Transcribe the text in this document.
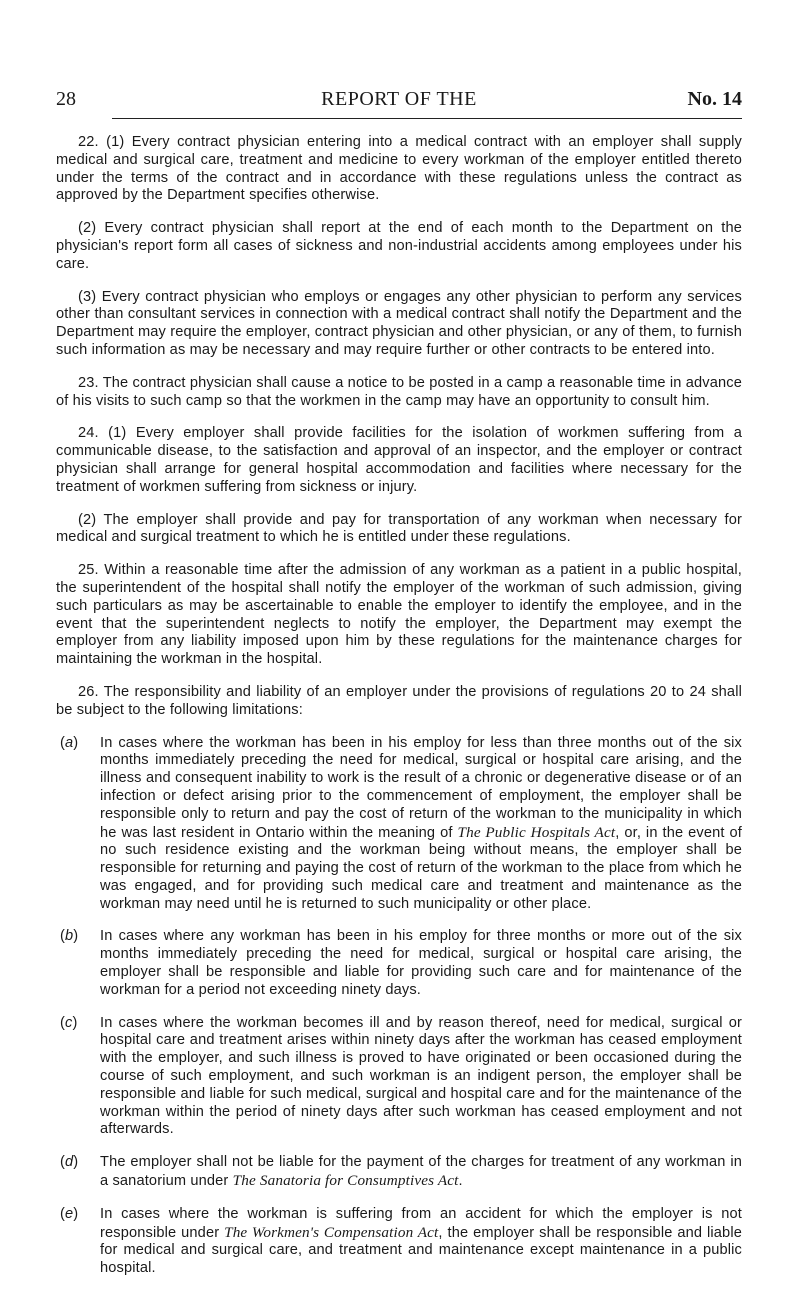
28	REPORT OF THE	No. 14

22. (1) Every contract physician entering into a medical contract with an employer shall supply medical and surgical care, treatment and medicine to every workman of the employer entitled thereto under the terms of the contract and in accordance with these regulations unless the contract as approved by the Department specifies otherwise.

(2) Every contract physician shall report at the end of each month to the Department on the physician's report form all cases of sickness and non-industrial accidents among employees under his care.

(3) Every contract physician who employs or engages any other physician to perform any services other than consultant services in connection with a medical contract shall notify the Department and the Department may require the employer, contract physician and other physician, or any of them, to furnish such information as may be necessary and may require further or other contracts to be entered into.

23. The contract physician shall cause a notice to be posted in a camp a reasonable time in advance of his visits to such camp so that the workmen in the camp may have an opportunity to consult him.

24. (1) Every employer shall provide facilities for the isolation of workmen suffering from a communicable disease, to the satisfaction and approval of an inspector, and the employer or contract physician shall arrange for general hospital accommodation and facilities where necessary for the treatment of workmen suffering from sickness or injury.

(2) The employer shall provide and pay for transportation of any workman when necessary for medical and surgical treatment to which he is entitled under these regulations.

25. Within a reasonable time after the admission of any workman as a patient in a public hospital, the superintendent of the hospital shall notify the employer of the workman of such admission, giving such particulars as may be ascertainable to enable the employer to identify the employee, and in the event that the superintendent neglects to notify the employer, the Department may exempt the employer from any liability imposed upon him by these regulations for the maintenance charges for maintaining the workman in the hospital.

26. The responsibility and liability of an employer under the provisions of regulations 20 to 24 shall be subject to the following limitations:

(a) In cases where the workman has been in his employ for less than three months out of the six months immediately preceding the need for medical, surgical or hospital care arising, and the illness and consequent inability to work is the result of a chronic or degenerative disease or of an infection or defect arising prior to the commencement of employment, the employer shall be responsible only to return and pay the cost of return of the workman to the municipality in which he was last resident in Ontario within the meaning of The Public Hospitals Act, or, in the event of no such residence existing and the workman being without means, the employer shall be responsible for returning and paying the cost of return of the workman to the place from which he was engaged, and for providing such medical care and treatment and maintenance as the workman may need until he is returned to such municipality or other place.
(b) In cases where any workman has been in his employ for three months or more out of the six months immediately preceding the need for medical, surgical or hospital care arising, the employer shall be responsible and liable for providing such care and for maintenance of the workman for a period not exceeding ninety days.
(c) In cases where the workman becomes ill and by reason thereof, need for medical, surgical or hospital care and treatment arises within ninety days after the workman has ceased employment with the employer, and such illness is proved to have originated or been occasioned during the course of such employment, and such workman is an indigent person, the employer shall be responsible and liable for such medical, surgical and hospital care and for the maintenance of the workman within the period of ninety days after such workman has ceased employment and not afterwards.
(d) The employer shall not be liable for the payment of the charges for treatment of any workman in a sanatorium under The Sanatoria for Consumptives Act.
(e) In cases where the workman is suffering from an accident for which the employer is not responsible under The Workmen's Compensation Act, the employer shall be responsible and liable for medical and surgical care, and treatment and maintenance except maintenance in a public hospital.
